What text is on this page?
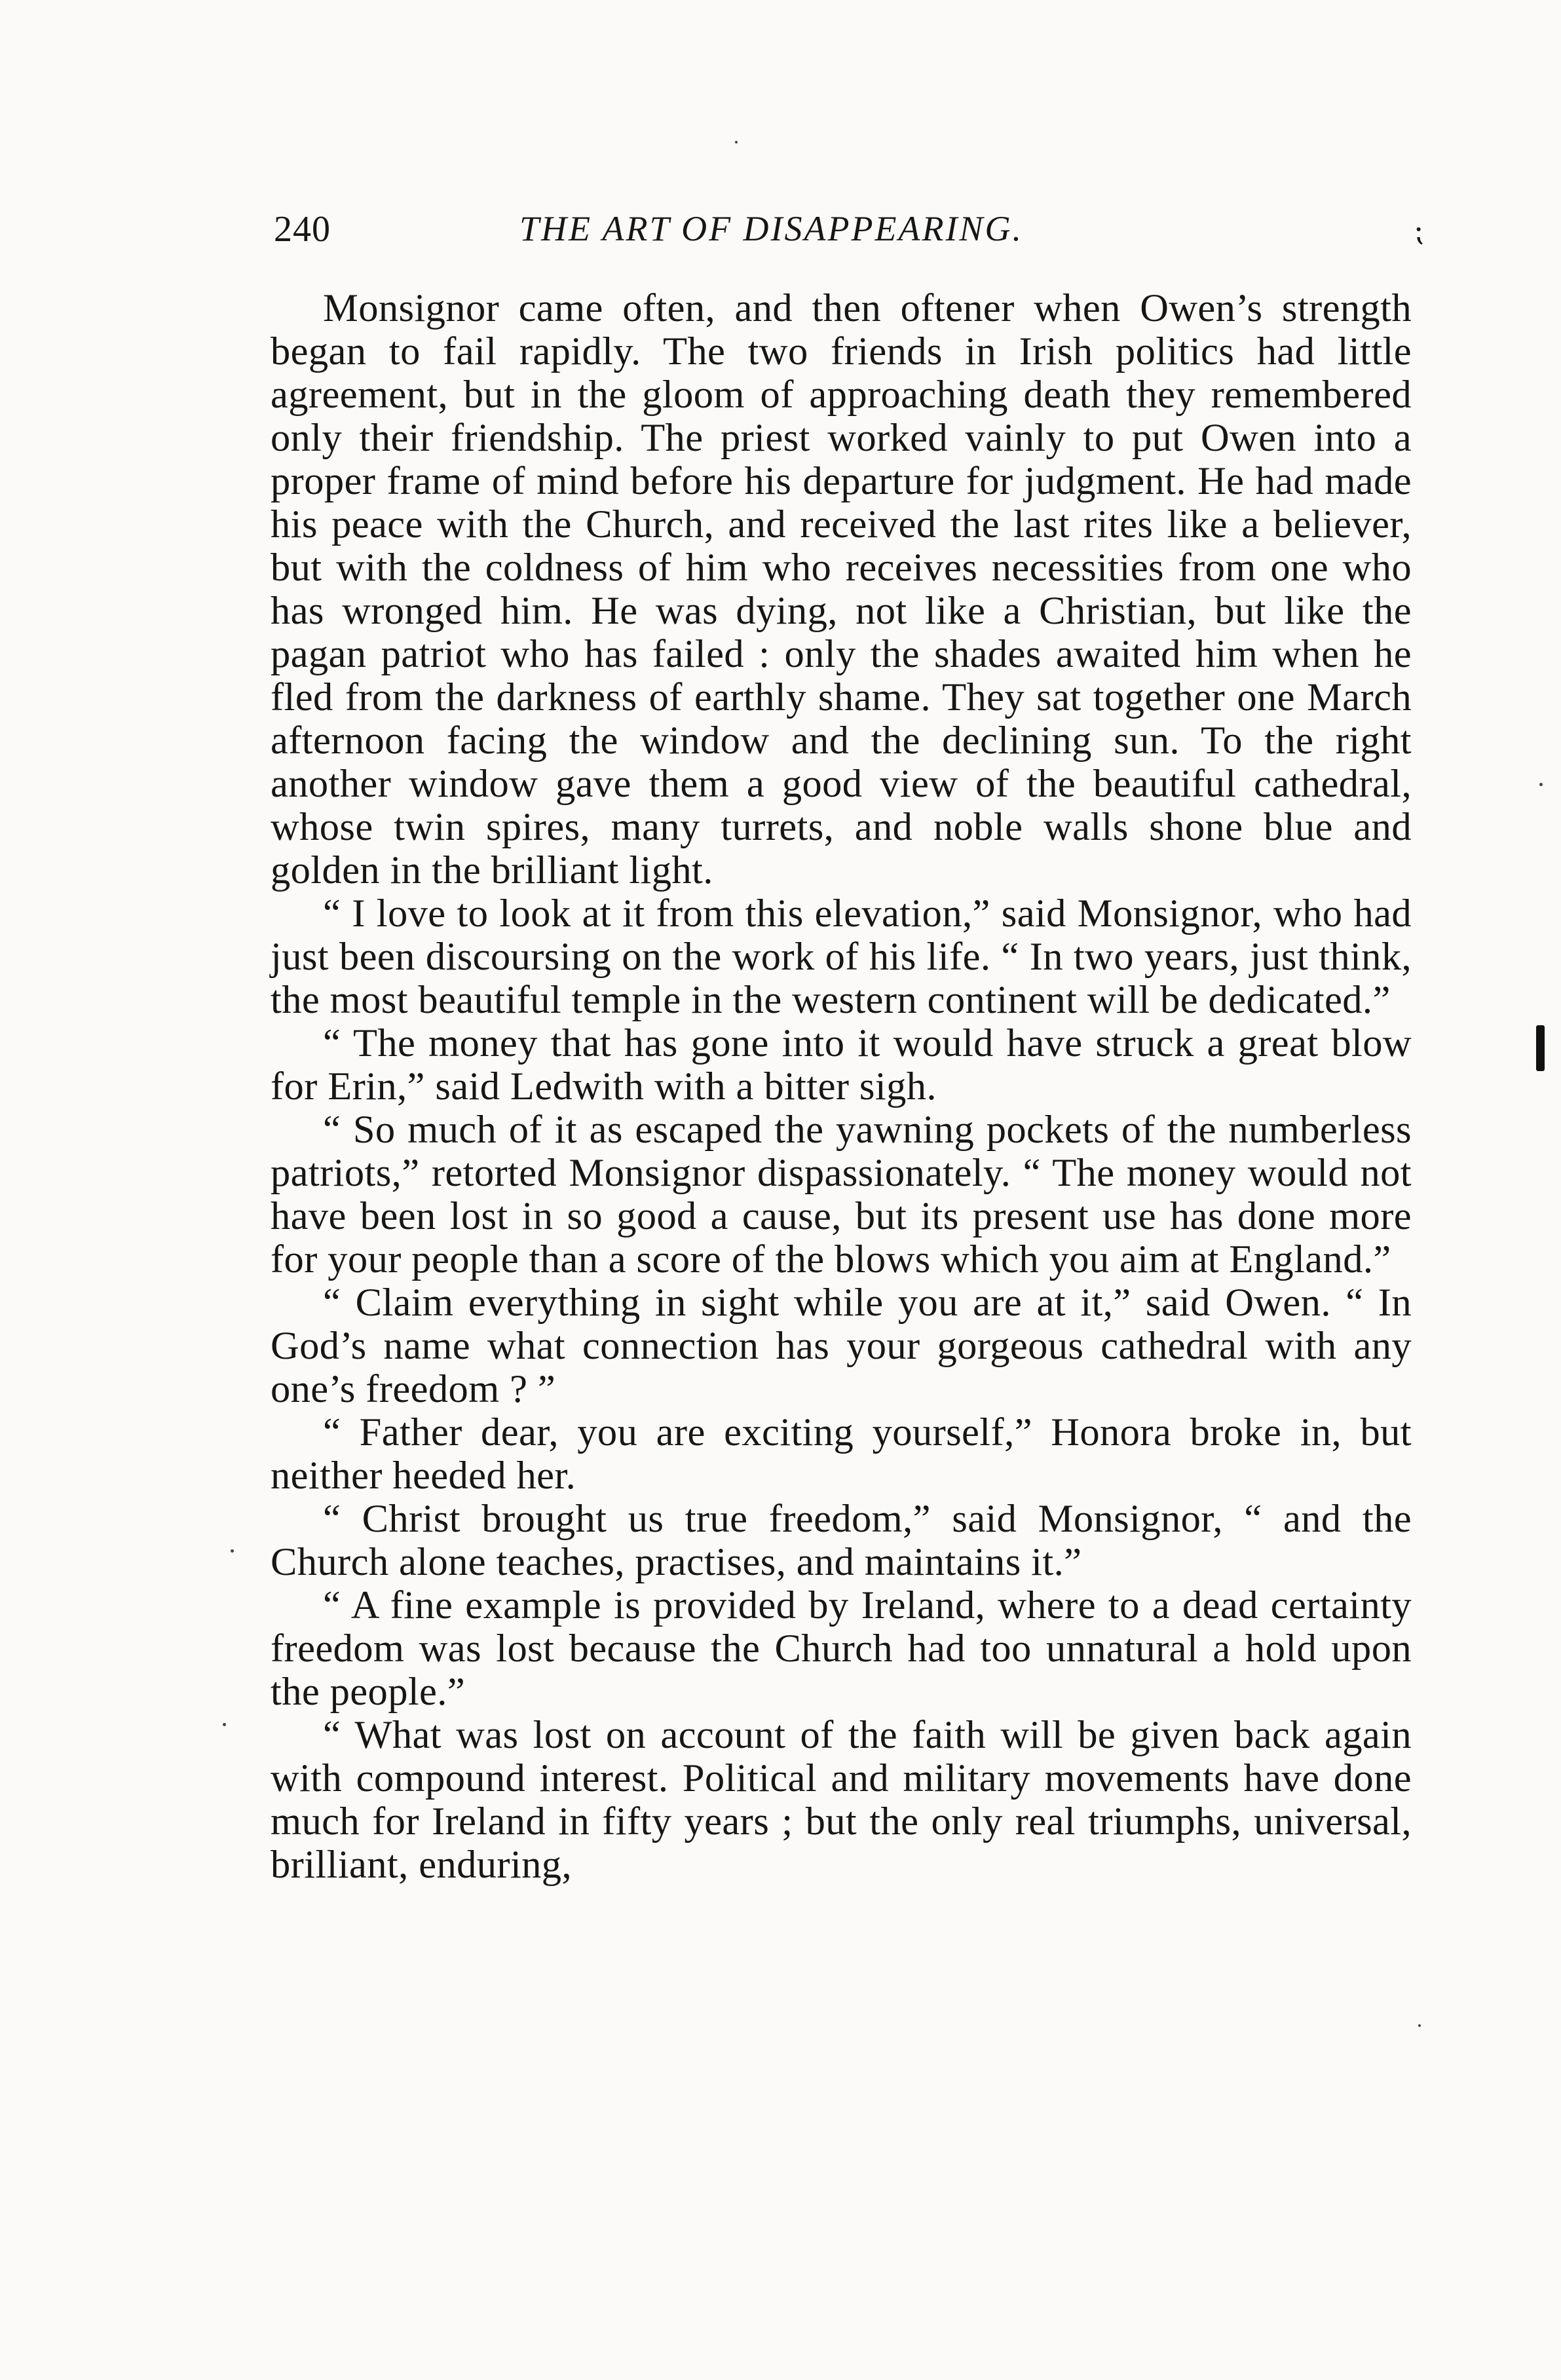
240	THE ART OF DISAPPEARING.	⁏

Monsignor came often, and then oftener when Owen’s strength began to fail rapidly. The two friends in Irish politics had little agreement, but in the gloom of approaching death they remembered only their friendship. The priest worked vainly to put Owen into a proper frame of mind before his departure for judgment. He had made his peace with the Church, and received the last rites like a believer, but with the coldness of him who receives necessities from one who has wronged him. He was dying, not like a Christian, but like the pagan patriot who has failed : only the shades awaited him when he fled from the darkness of earthly shame. They sat together one March afternoon facing the window and the declining sun. To the right another window gave them a good view of the beautiful cathedral, whose twin spires, many turrets, and noble walls shone blue and golden in the brilliant light.

“ I love to look at it from this elevation,” said Monsignor, who had just been discoursing on the work of his life. “ In two years, just think, the most beautiful temple in the western continent will be dedicated.”

“ The money that has gone into it would have struck a great blow for Erin,” said Ledwith with a bitter sigh.

“ So much of it as escaped the yawning pockets of the numberless patriots,” retorted Monsignor dispassionately. “ The money would not have been lost in so good a cause, but its present use has done more for your people than a score of the blows which you aim at England.”

“ Claim everything in sight while you are at it,” said Owen. “ In God’s name what connection has your gorgeous cathedral with any one’s freedom ? ”

“ Father dear, you are exciting yourself,” Honora broke in, but neither heeded her.

“ Christ brought us true freedom,” said Monsignor, “ and the Church alone teaches, practises, and maintains it.”

“ A fine example is provided by Ireland, where to a dead certainty freedom was lost because the Church had too unnatural a hold upon the people.”

“ What was lost on account of the faith will be given back again with compound interest. Political and military movements have done much for Ireland in fifty years ; but the only real triumphs, universal, brilliant, enduring,
